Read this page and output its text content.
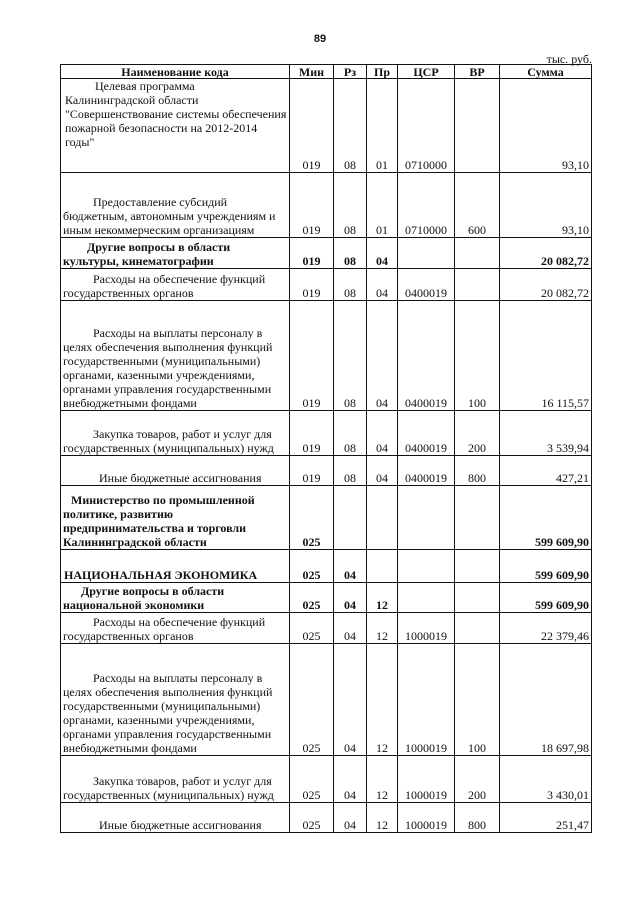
89
тыс. руб.
Наименование кода	Мин	Рз	Пр	ЦСР	ВР	Сумма
Целевая программа Калининградской области "Совершенствование системы обеспечения пожарной безопасности на 2012-2014 годы"	019	08	01	0710000		93,10
Предоставление субсидий бюджетным, автономным учреждениям и иным некоммерческим организациям	019	08	01	0710000	600	93,10
Другие вопросы в области культуры, кинематографии	019	08	04			20 082,72
Расходы на обеспечение функций государственных органов	019	08	04	0400019		20 082,72
Расходы на выплаты персоналу в целях обеспечения выполнения функций государственными (муниципальными) органами, казенными учреждениями, органами управления государственными внебюджетными фондами	019	08	04	0400019	100	16 115,57
Закупка товаров, работ и услуг для государственных (муниципальных) нужд	019	08	04	0400019	200	3 539,94
Иные бюджетные ассигнования	019	08	04	0400019	800	427,21
Министерство по промышленной политике, развитию предпринимательства и торговли Калининградской области	025					599 609,90
НАЦИОНАЛЬНАЯ ЭКОНОМИКА	025	04				599 609,90
Другие вопросы в области национальной экономики	025	04	12			599 609,90
Расходы на обеспечение функций государственных органов	025	04	12	1000019		22 379,46
Расходы на выплаты персоналу в целях обеспечения выполнения функций государственными (муниципальными) органами, казенными учреждениями, органами управления государственными внебюджетными фондами	025	04	12	1000019	100	18 697,98
Закупка товаров, работ и услуг для государственных (муниципальных) нужд	025	04	12	1000019	200	3 430,01
Иные бюджетные ассигнования	025	04	12	1000019	800	251,47
